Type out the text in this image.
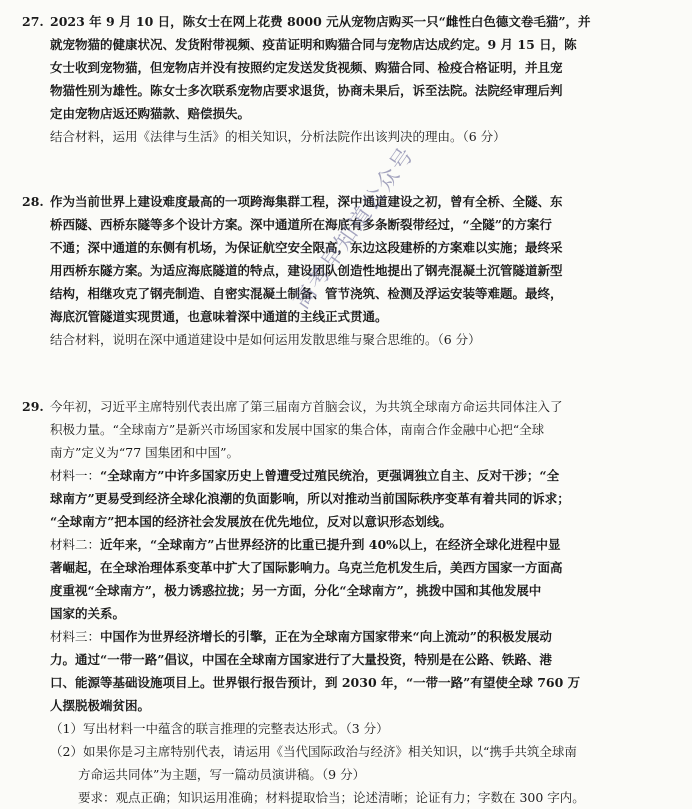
27. 2023 年 9 月 10 日，陈女士在网上花费 8000 元从宠物店购买一只“雌性白色德文卷毛猫”，并

就宠物猫的健康状况、发货附带视频、疫苗证明和购猫合同与宠物店达成约定。9 月 15 日，陈

女士收到宠物猫，但宠物店并没有按照约定发送发货视频、购猫合同、检疫合格证明，并且宠

物猫性别为雄性。陈女士多次联系宠物店要求退货，协商未果后，诉至法院。法院经审理后判

定由宠物店返还购猫款、赔偿损失。

结合材料，运用《法律与生活》的相关知识，分析法院作出该判决的理由。（6 分）

28. 作为当前世界上建设难度最高的一项跨海集群工程，深中通道建设之初，曾有全桥、全隧、东

桥西隧、西桥东隧等多个设计方案。深中通道所在海底有多条断裂带经过，“全隧”的方案行

不通；深中通道的东侧有机场，为保证航空安全限高，东边这段建桥的方案难以实施；最终采

用西桥东隧方案。为适应海底隧道的特点，建设团队创造性地提出了钢壳混凝土沉管隧道新型

结构，相继攻克了钢壳制造、自密实混凝土制备、管节浇筑、检测及浮运安装等难题。最终，

海底沉管隧道实现贯通，也意味着深中通道的主线正式贯通。

结合材料，说明在深中通道建设中是如何运用发散思维与聚合思维的。（6 分）

29. 今年初，习近平主席特别代表出席了第三届南方首脑会议，为共筑全球南方命运共同体注入了

积极力量。“全球南方”是新兴市场国家和发展中国家的集合体，南南合作金融中心把“全球

南方”定义为“77 国集团和中国”。

材料一：“全球南方”中许多国家历史上曾遭受过殖民统治，更强调独立自主、反对干涉；“全

球南方”更易受到经济全球化浪潮的负面影响，所以对推动当前国际秩序变革有着共同的诉求；

“全球南方”把本国的经济社会发展放在优先地位，反对以意识形态划线。

材料二：近年来，“全球南方”占世界经济的比重已提升到 40%以上，在经济全球化进程中显

著崛起，在全球治理体系变革中扩大了国际影响力。乌克兰危机发生后，美西方国家一方面高

度重视“全球南方”，极力诱惑拉拢；另一方面，分化“全球南方”，挑拨中国和其他发展中

国家的关系。

材料三：中国作为世界经济增长的引擎，正在为全球南方国家带来“向上流动”的积极发展动

力。通过“一带一路”倡议，中国在全球南方国家进行了大量投资，特别是在公路、铁路、港

口、能源等基础设施项目上。世界银行报告预计，到 2030 年，“一带一路”有望使全球 760 万

人摆脱极端贫困。

（1）写出材料一中蕴含的联言推理的完整表达形式。（3 分）

（2）如果你是习主席特别代表，请运用《当代国际政治与经济》相关知识，以“携手共筑全球南

方命运共同体”为主题，写一篇动员演讲稿。（9 分）

要求：观点正确；知识运用准确；材料提取恰当；论述清晰；论证有力；字数在 300 字内。

高考早知道公众号
